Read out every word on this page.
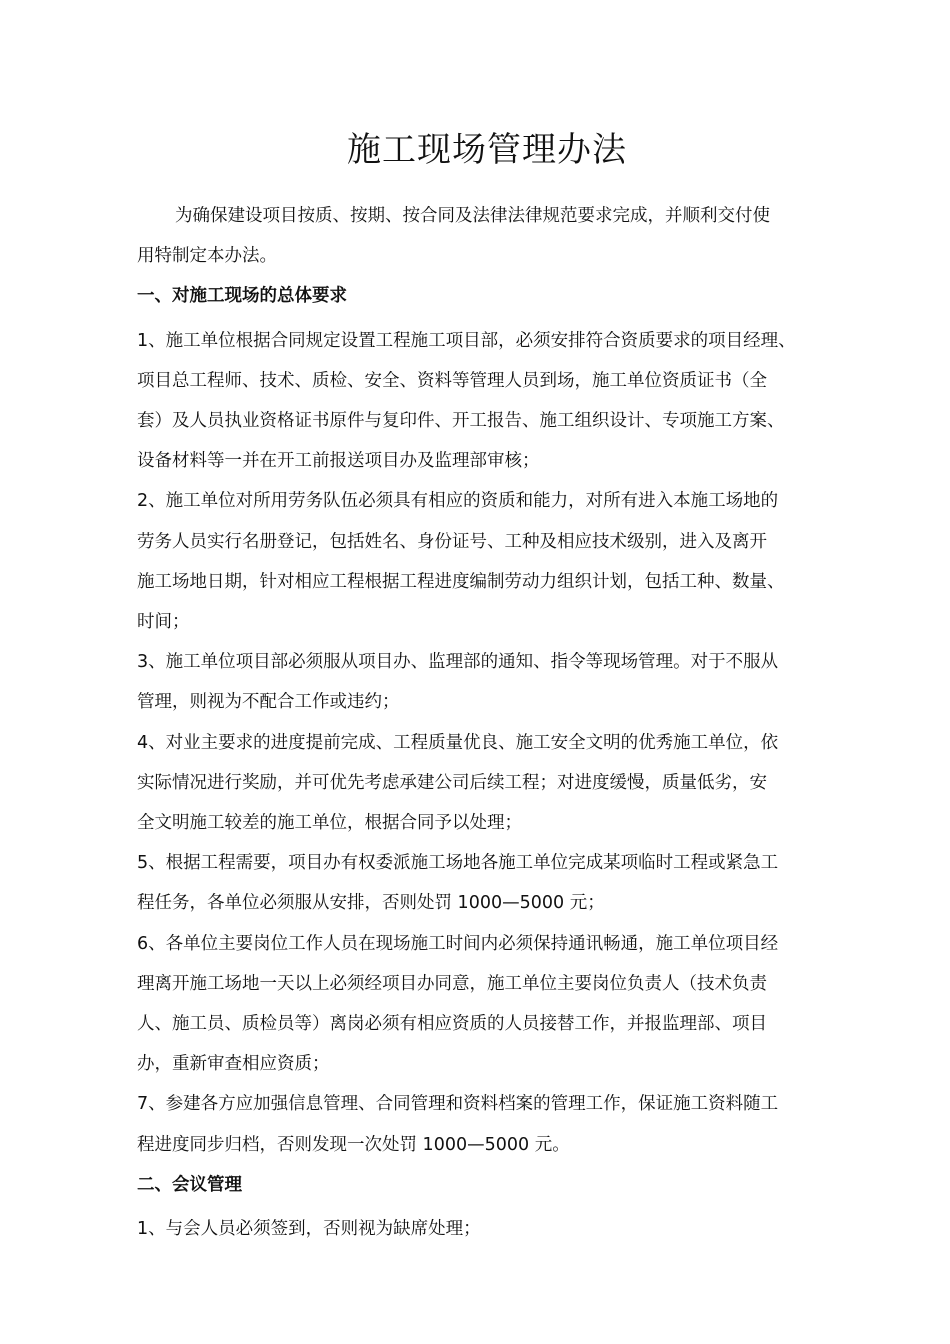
施工现场管理办法
为确保建设项目按质、按期、按合同及法律法律规范要求完成，并顺利交付使
用特制定本办法。
一、对施工现场的总体要求
1、施工单位根据合同规定设置工程施工项目部，必须安排符合资质要求的项目经理、
项目总工程师、技术、质检、安全、资料等管理人员到场，施工单位资质证书（全
套）及人员执业资格证书原件与复印件、开工报告、施工组织设计、专项施工方案、
设备材料等一并在开工前报送项目办及监理部审核；
2、施工单位对所用劳务队伍必须具有相应的资质和能力，对所有进入本施工场地的
劳务人员实行名册登记，包括姓名、身份证号、工种及相应技术级别，进入及离开
施工场地日期，针对相应工程根据工程进度编制劳动力组织计划，包括工种、数量、
时间；
3、施工单位项目部必须服从项目办、监理部的通知、指令等现场管理。对于不服从
管理，则视为不配合工作或违约；
4、对业主要求的进度提前完成、工程质量优良、施工安全文明的优秀施工单位，依
实际情况进行奖励，并可优先考虑承建公司后续工程；对进度缓慢，质量低劣，安
全文明施工较差的施工单位，根据合同予以处理；
5、根据工程需要，项目办有权委派施工场地各施工单位完成某项临时工程或紧急工
程任务，各单位必须服从安排，否则处罚 1000—5000 元；
6、各单位主要岗位工作人员在现场施工时间内必须保持通讯畅通，施工单位项目经
理离开施工场地一天以上必须经项目办同意，施工单位主要岗位负责人（技术负责
人、施工员、质检员等）离岗必须有相应资质的人员接替工作，并报监理部、项目
办，重新审查相应资质；
7、参建各方应加强信息管理、合同管理和资料档案的管理工作，保证施工资料随工
程进度同步归档，否则发现一次处罚 1000—5000 元。
二、会议管理
1、与会人员必须签到，否则视为缺席处理；
